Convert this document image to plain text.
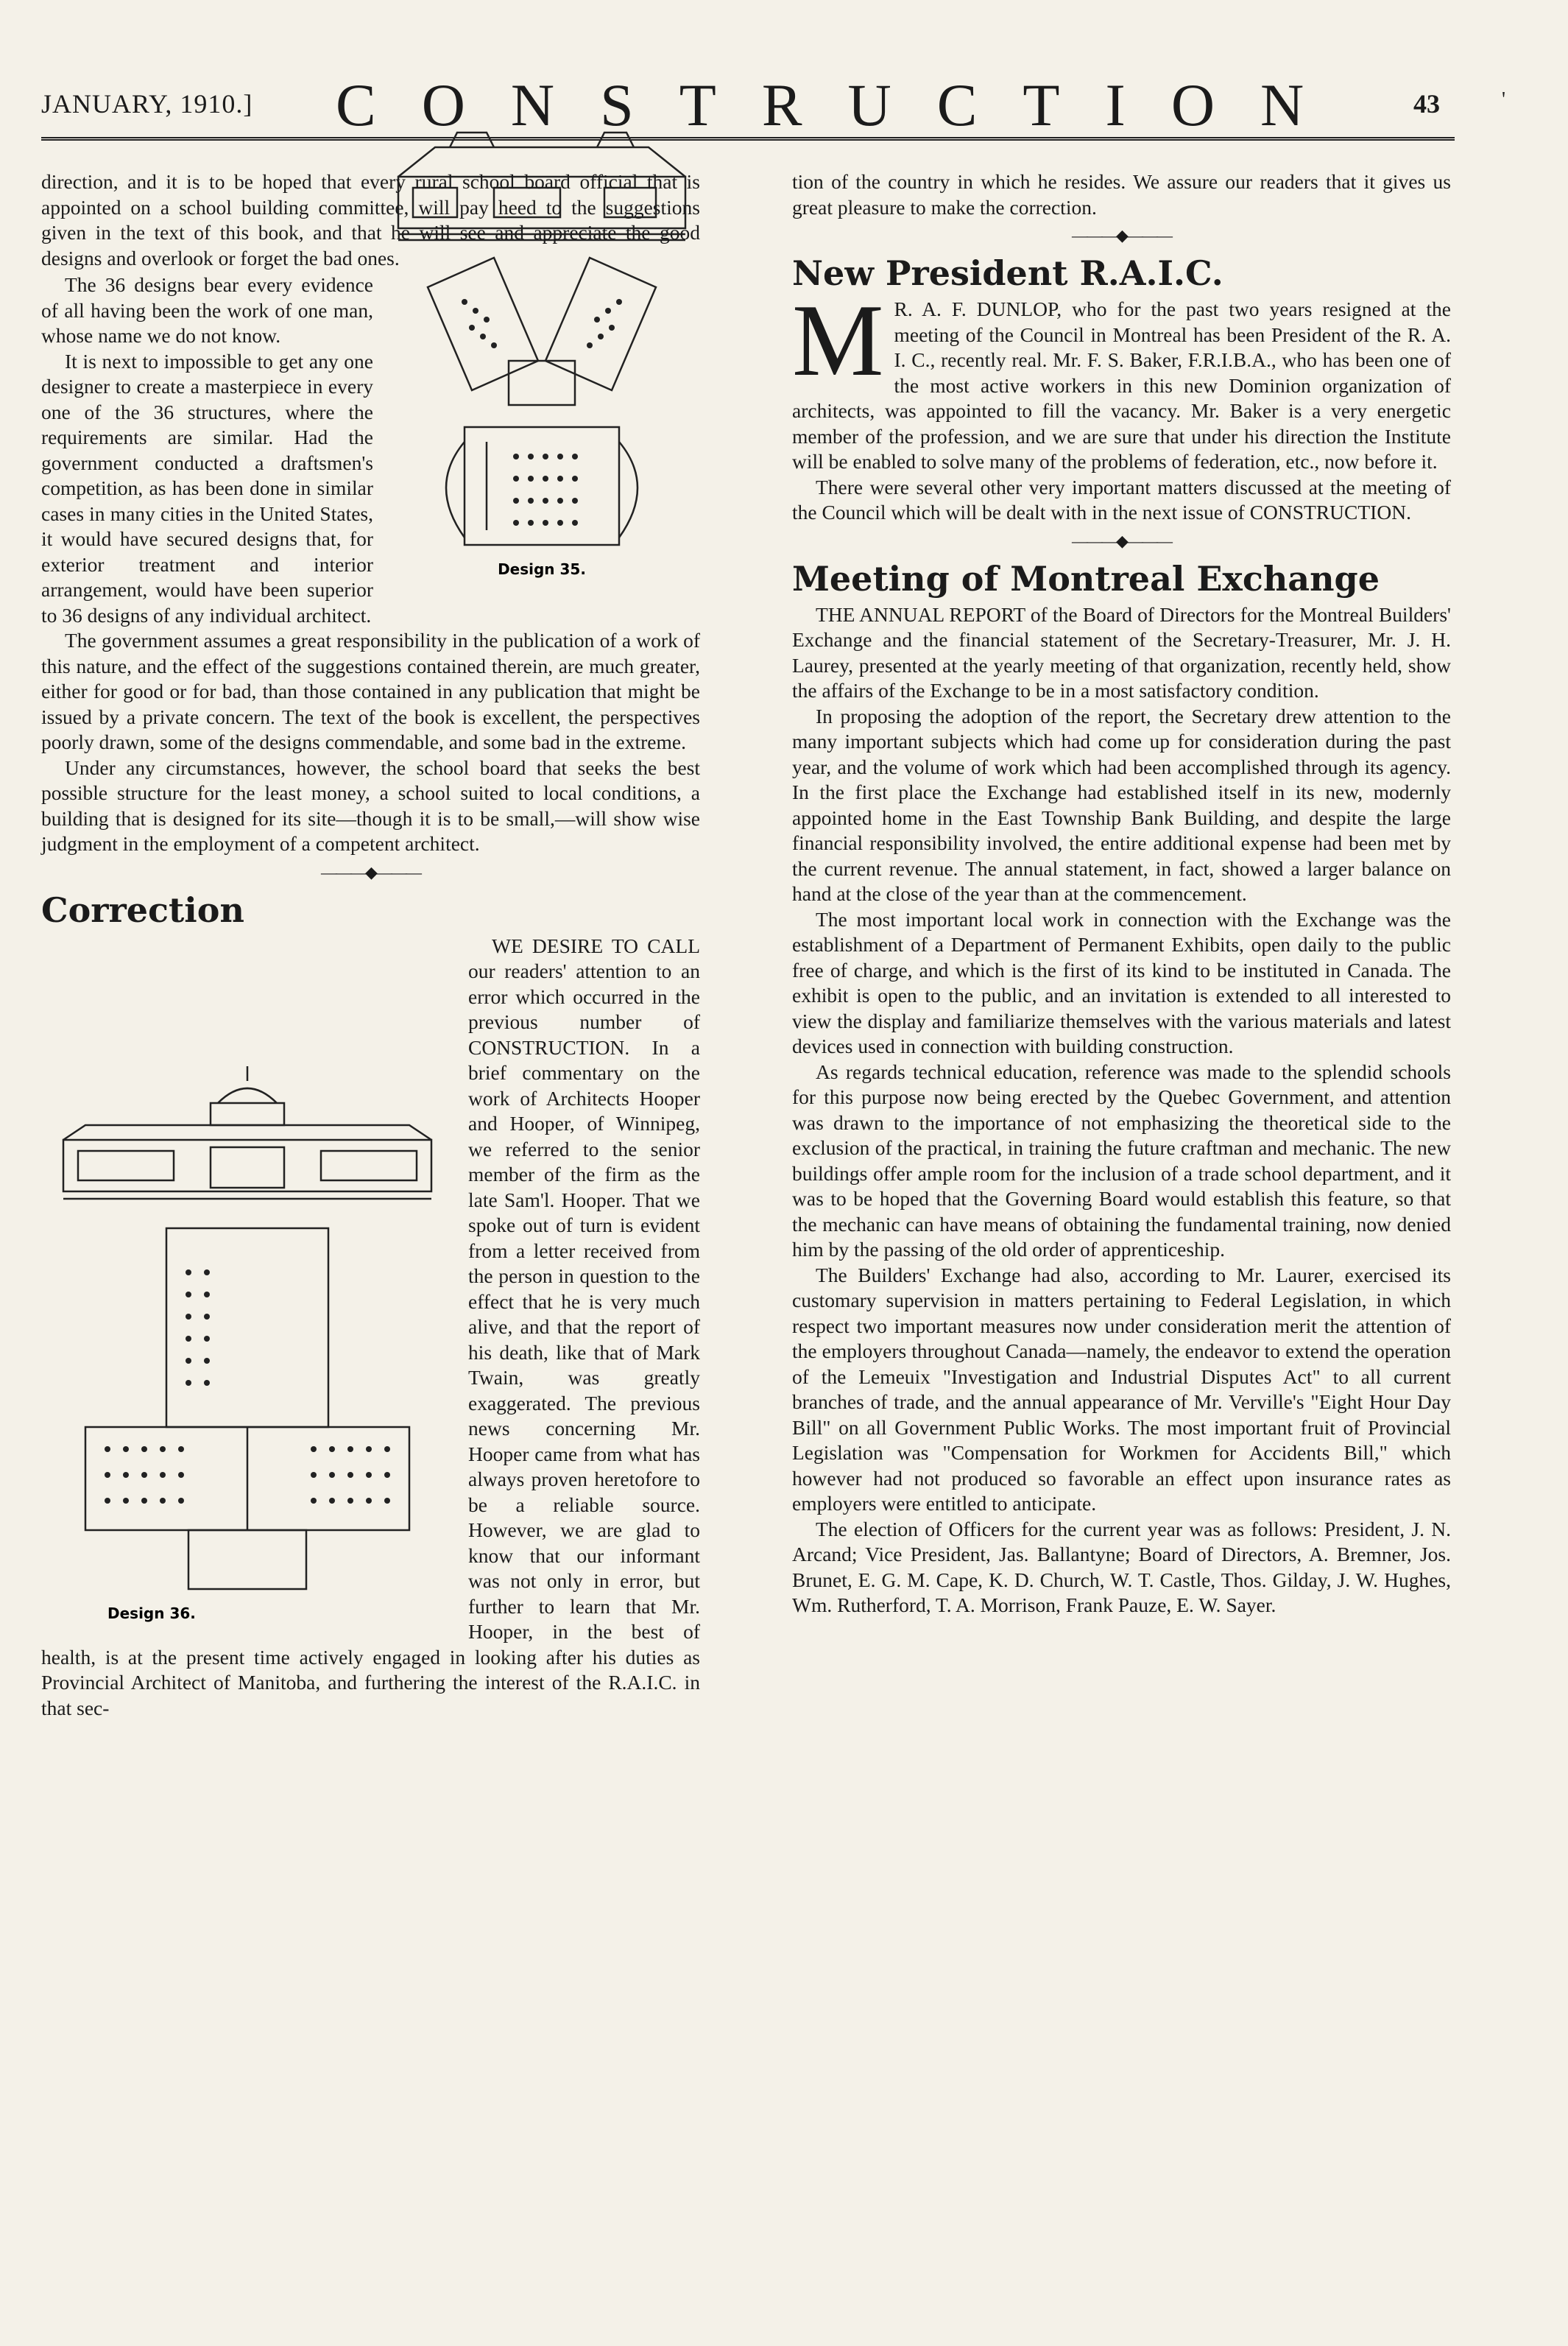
JANUARY, 1910.] CONSTRUCTION 43

direction, and it is to be hoped that every rural school board official that is appointed on a school building committee, will pay heed to the suggestions given in the text of this book, and that he will see and appreciate the good designs and overlook or forget the bad ones.

Design 35.

The 36 designs bear every evidence of all having been the work of one man, whose name we do not know.

It is next to impossible to get any one designer to create a masterpiece in every one of the 36 structures, where the requirements are similar. Had the government conducted a draftsmen's competition, as has been done in similar cases in many cities in the United States, it would have secured designs that, for exterior treatment and interior arrangement, would have been superior to 36 designs of any individual architect.

The government assumes a great responsibility in the publication of a work of this nature, and the effect of the suggestions contained therein, are much greater, either for good or for bad, than those contained in any publication that might be issued by a private concern. The text of the book is excellent, the perspectives poorly drawn, some of the designs commendable, and some bad in the extreme.

Under any circumstances, however, the school board that seeks the best possible structure for the least money, a school suited to local conditions, a building that is designed for its site—though it is to be small,—will show wise judgment in the employment of a competent architect.

———◆———
Correction
Design 36.

WE DESIRE TO CALL our readers' attention to an error which occurred in the previous number of CONSTRUCTION. In a brief commentary on the work of Architects Hooper and Hooper, of Winnipeg, we referred to the senior member of the firm as the late Sam'l. Hooper. That we spoke out of turn is evident from a letter received from the person in question to the effect that he is very much alive, and that the report of his death, like that of Mark Twain, was greatly exaggerated. The previous news concerning Mr. Hooper came from what has always proven heretofore to be a reliable source. However, we are glad to know that our informant was not only in error, but further to learn that Mr. Hooper, in the best of health, is at the present time actively engaged in looking after his duties as Provincial Architect of Manitoba, and furthering the interest of the R.A.I.C. in that sec-

tion of the country in which he resides. We assure our readers that it gives us great pleasure to make the correction.

———◆———
New President R.A.I.C.
M R. A. F. DUNLOP, who for the past two years resigned at the meeting of the Council in Montreal has been President of the R. A. I. C., recently real. Mr. F. S. Baker, F.R.I.B.A., who has been one of the most active workers in this new Dominion organization of architects, was appointed to fill the vacancy. Mr. Baker is a very energetic member of the profession, and we are sure that under his direction the Institute will be enabled to solve many of the problems of federation, etc., now before it.

There were several other very important matters discussed at the meeting of the Council which will be dealt with in the next issue of CONSTRUCTION.

———◆———
Meeting of Montreal Exchange

THE ANNUAL REPORT of the Board of Directors for the Montreal Builders' Exchange and the financial statement of the Secretary-Treasurer, Mr. J. H. Laurey, presented at the yearly meeting of that organization, recently held, show the affairs of the Exchange to be in a most satisfactory condition.

In proposing the adoption of the report, the Secretary drew attention to the many important subjects which had come up for consideration during the past year, and the volume of work which had been accomplished through its agency. In the first place the Exchange had established itself in its new, modernly appointed home in the East Township Bank Building, and despite the large financial responsibility involved, the entire additional expense had been met by the current revenue. The annual statement, in fact, showed a larger balance on hand at the close of the year than at the commencement.

The most important local work in connection with the Exchange was the establishment of a Department of Permanent Exhibits, open daily to the public free of charge, and which is the first of its kind to be instituted in Canada. The exhibit is open to the public, and an invitation is extended to all interested to view the display and familiarize themselves with the various materials and latest devices used in connection with building construction.

As regards technical education, reference was made to the splendid schools for this purpose now being erected by the Quebec Government, and attention was drawn to the importance of not emphasizing the theoretical side to the exclusion of the practical, in training the future craftman and mechanic. The new buildings offer ample room for the inclusion of a trade school department, and it was to be hoped that the Governing Board would establish this feature, so that the mechanic can have means of obtaining the fundamental training, now denied him by the passing of the old order of apprenticeship.

The Builders' Exchange had also, according to Mr. Laurer, exercised its customary supervision in matters pertaining to Federal Legislation, in which respect two important measures now under consideration merit the attention of the employers throughout Canada—namely, the endeavor to extend the operation of the Lemeuix "Investigation and Industrial Disputes Act" to all current branches of trade, and the annual appearance of Mr. Verville's "Eight Hour Day Bill" on all Government Public Works. The most important fruit of Provincial Legislation was "Compensation for Workmen for Accidents Bill," which however had not produced so favorable an effect upon insurance rates as employers were entitled to anticipate.

The election of Officers for the current year was as follows: President, J. N. Arcand; Vice President, Jas. Ballantyne; Board of Directors, A. Bremner, Jos. Brunet, E. G. M. Cape, K. D. Church, W. T. Castle, Thos. Gilday, J. W. Hughes, Wm. Rutherford, T. A. Morrison, Frank Pauze, E. W. Sayer.

'
